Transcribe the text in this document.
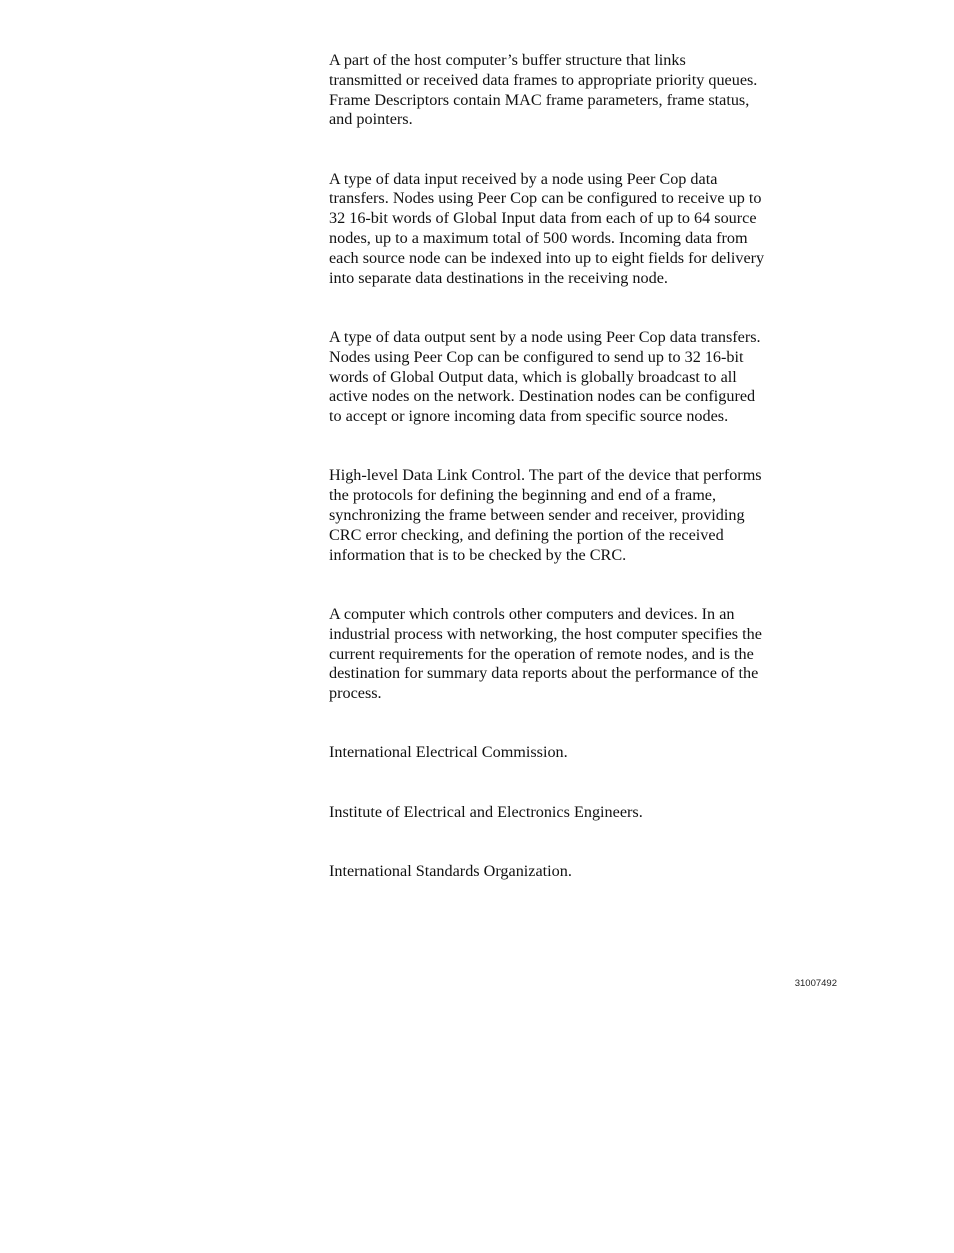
A part of the host computer’s buffer structure that links
transmitted or received data frames to appropriate priority queues.
Frame Descriptors contain MAC frame parameters, frame status,
and pointers.

A type of data input received by a node using Peer Cop data
transfers. Nodes using Peer Cop can be configured to receive up to
32 16-bit words of Global Input data from each of up to 64 source
nodes, up to a maximum total of 500 words. Incoming data from
each source node can be indexed into up to eight fields for delivery
into separate data destinations in the receiving node.

A type of data output sent by a node using Peer Cop data transfers.
Nodes using Peer Cop can be configured to send up to 32 16-bit
words of Global Output data, which is globally broadcast to all
active nodes on the network. Destination nodes can be configured
to accept or ignore incoming data from specific source nodes.

High-level Data Link Control. The part of the device that performs
the protocols for defining the beginning and end of a frame,
synchronizing the frame between sender and receiver, providing
CRC error checking, and defining the portion of the received
information that is to be checked by the CRC.

A computer which controls other computers and devices. In an
industrial process with networking, the host computer specifies the
current requirements for the operation of remote nodes, and is the
destination for summary data reports about the performance of the
process.

International Electrical Commission.

Institute of Electrical and Electronics Engineers.

International Standards Organization.

31007492
